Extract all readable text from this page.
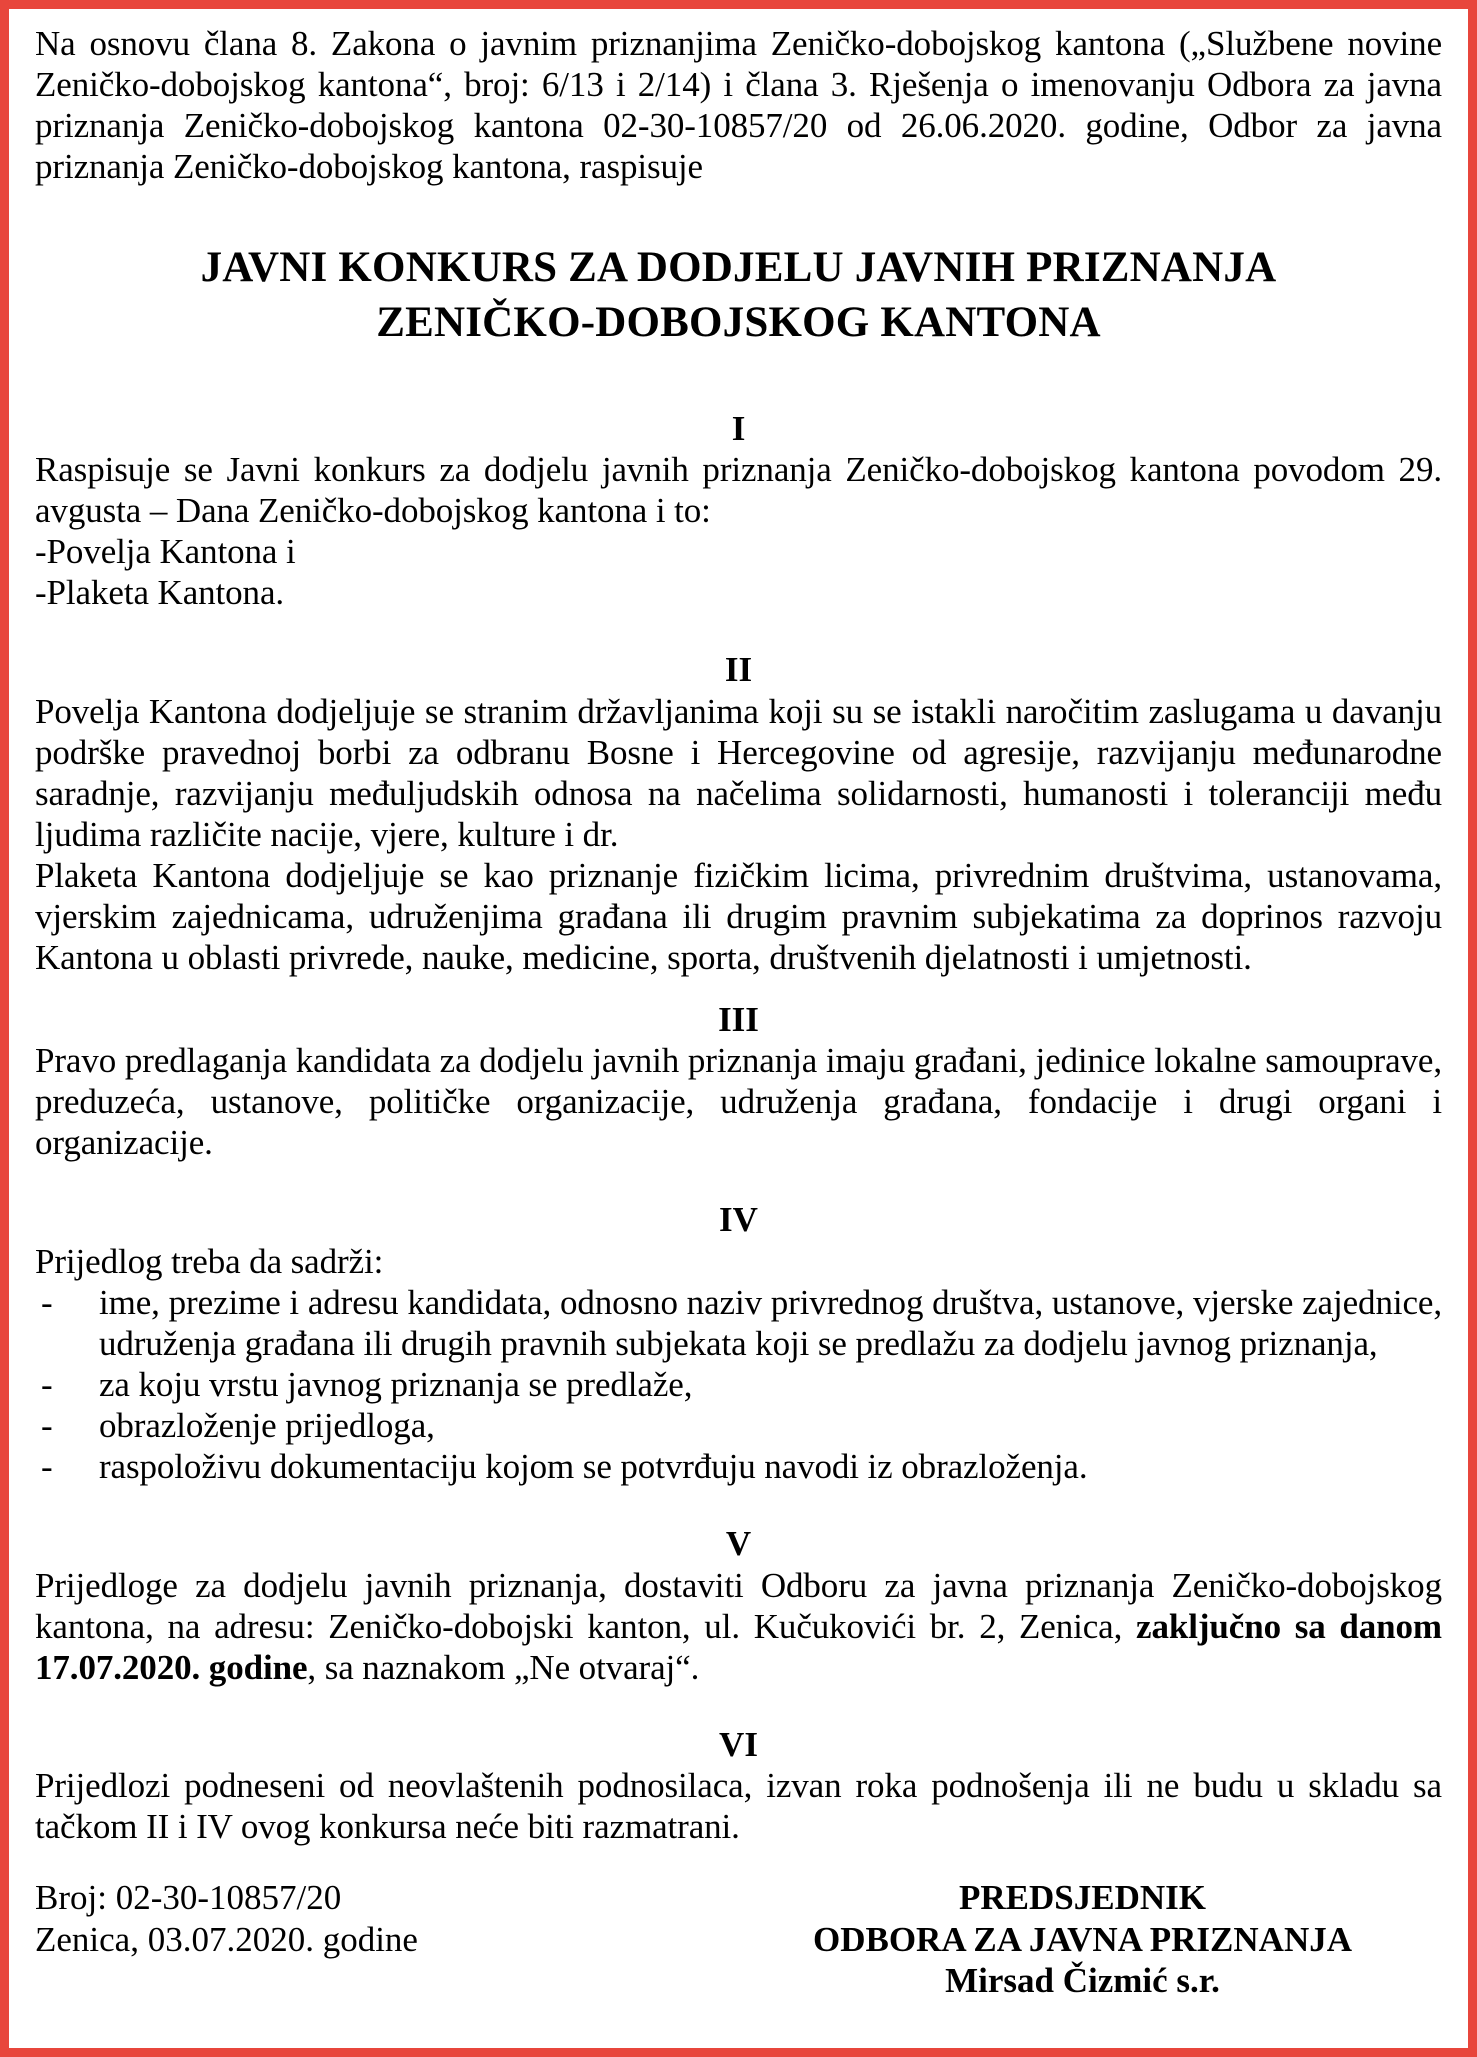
Na osnovu člana 8. Zakona o javnim priznanjima Zeničko-dobojskog kantona („Službene novine Zeničko-dobojskog kantona“, broj: 6/13 i 2/14) i člana 3. Rješenja o imenovanju Odbora za javna priznanja Zeničko-dobojskog kantona 02-30-10857/20 od 26.06.2020. godine, Odbor za javna priznanja Zeničko-dobojskog kantona, raspisuje

JAVNI KONKURS ZA DODJELU JAVNIH PRIZNANJA
ZENIČKO-DOBOJSKOG KANTONA
I

Raspisuje se Javni konkurs za dodjelu javnih priznanja Zeničko-dobojskog kantona povodom 29. avgusta – Dana Zeničko-dobojskog kantona i to:

-Povelja Kantona i
-Plaketa Kantona.
II

Povelja Kantona dodjeljuje se stranim državljanima koji su se istakli naročitim zaslugama u davanju podrške pravednoj borbi za odbranu Bosne i Hercegovine od agresije, razvijanju međunarodne saradnje, razvijanju međuljudskih odnosa na načelima solidarnosti, humanosti i toleranciji među ljudima različite nacije, vjere, kulture i dr.

Plaketa Kantona dodjeljuje se kao priznanje fizičkim licima, privrednim društvima, ustanovama, vjerskim zajednicama, udruženjima građana ili drugim pravnim subjekatima za doprinos razvoju Kantona u oblasti privrede, nauke, medicine, sporta, društvenih djelatnosti i umjetnosti.

III

Pravo predlaganja kandidata za dodjelu javnih priznanja imaju građani, jedinice lokalne samouprave, preduzeća, ustanove, političke organizacije, udruženja građana, fondacije i drugi organi i organizacije.

IV
Prijedlog treba da sadrži:
- ime, prezime i adresu kandidata, odnosno naziv privrednog društva, ustanove, vjerske zajednice, udruženja građana ili drugih pravnih subjekata koji se predlažu za dodjelu javnog priznanja,
- za koju vrstu javnog priznanja se predlaže,
- obrazloženje prijedloga,
- raspoloživu dokumentaciju kojom se potvrđuju navodi iz obrazloženja.
V

Prijedloge za dodjelu javnih priznanja, dostaviti Odboru za javna priznanja Zeničko-dobojskog kantona, na adresu: Zeničko-dobojski kanton, ul. Kučukovići br. 2, Zenica, zaključno sa danom 17.07.2020. godine, sa naznakom „Ne otvaraj“.

VI

Prijedlozi podneseni od neovlaštenih podnosilaca, izvan roka podnošenja ili ne budu u skladu sa tačkom II i IV ovog konkursa neće biti razmatrani.

Broj: 02-30-10857/20
Zenica, 03.07.2020. godine
PREDSJEDNIK
ODBORA ZA JAVNA PRIZNANJA
Mirsad Čizmić s.r.
